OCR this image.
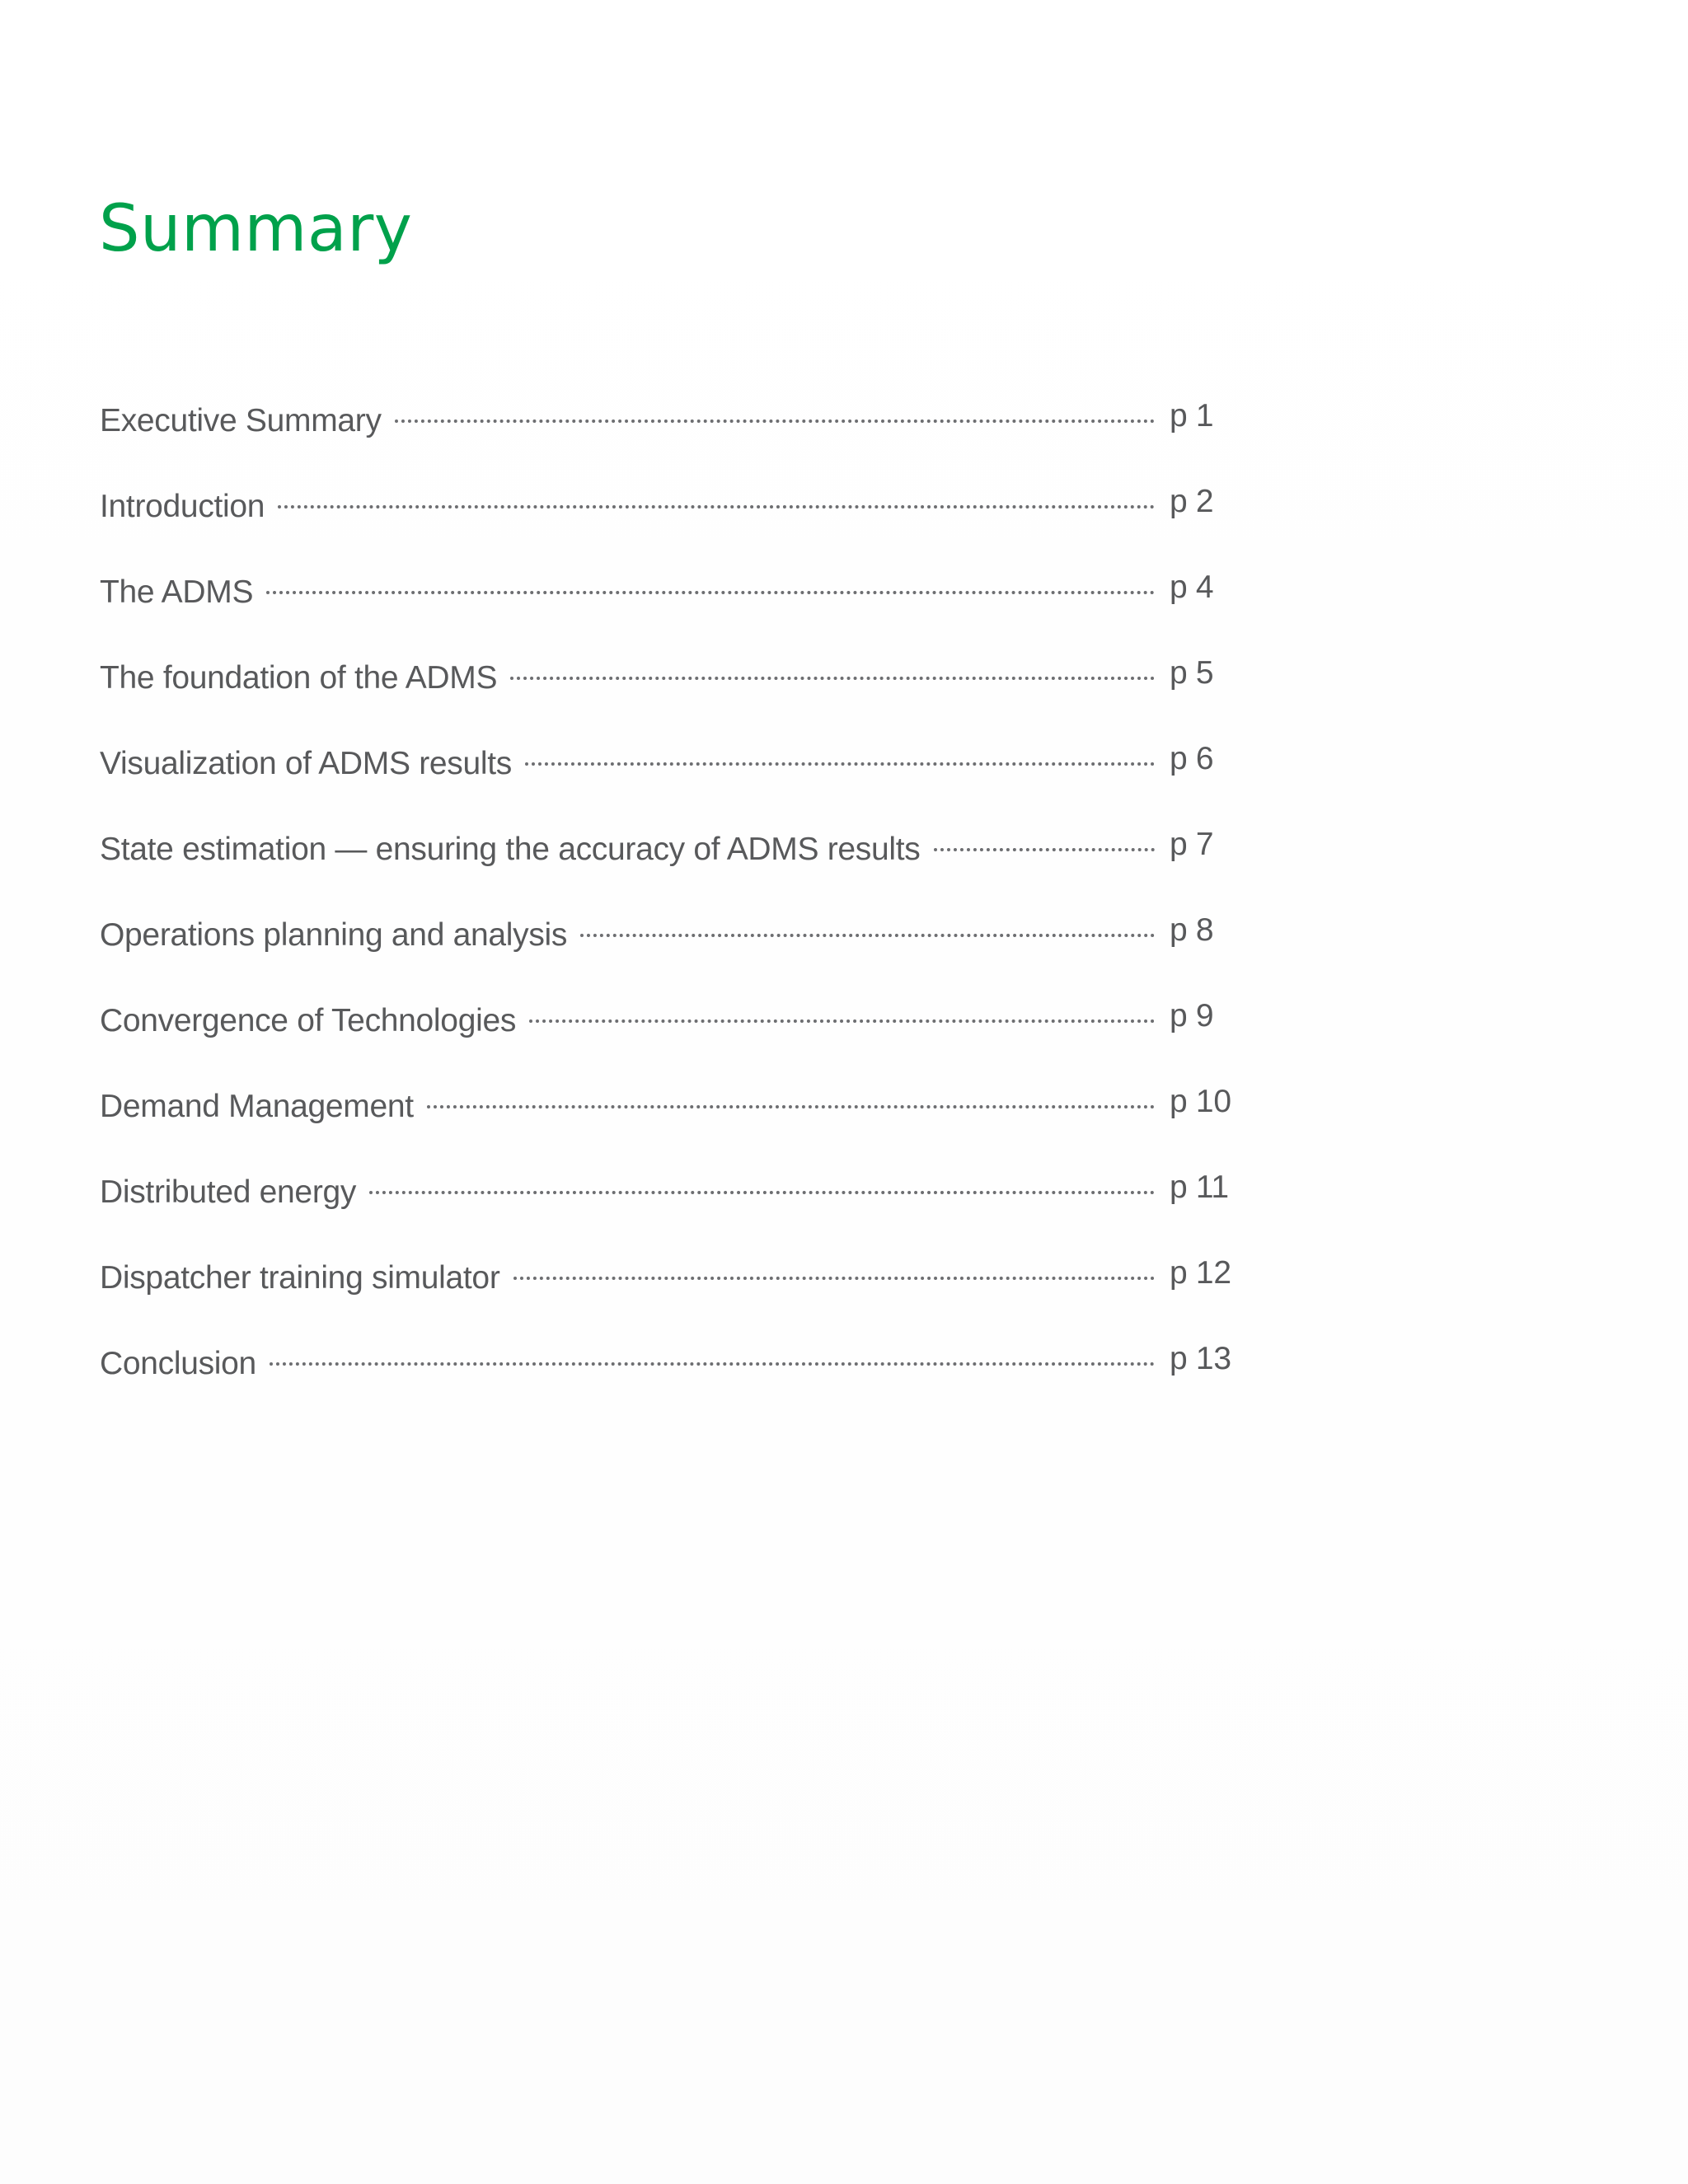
Summary
Executive Summary	p 1
Introduction	p 2
The ADMS	p 4
The foundation of the ADMS	p 5
Visualization of ADMS results	p 6
State estimation — ensuring the accuracy of ADMS results	p 7
Operations planning and analysis	p 8
Convergence of Technologies	p 9
Demand Management	p 10
Distributed energy	p 11
Dispatcher training simulator	p 12
Conclusion	p 13
